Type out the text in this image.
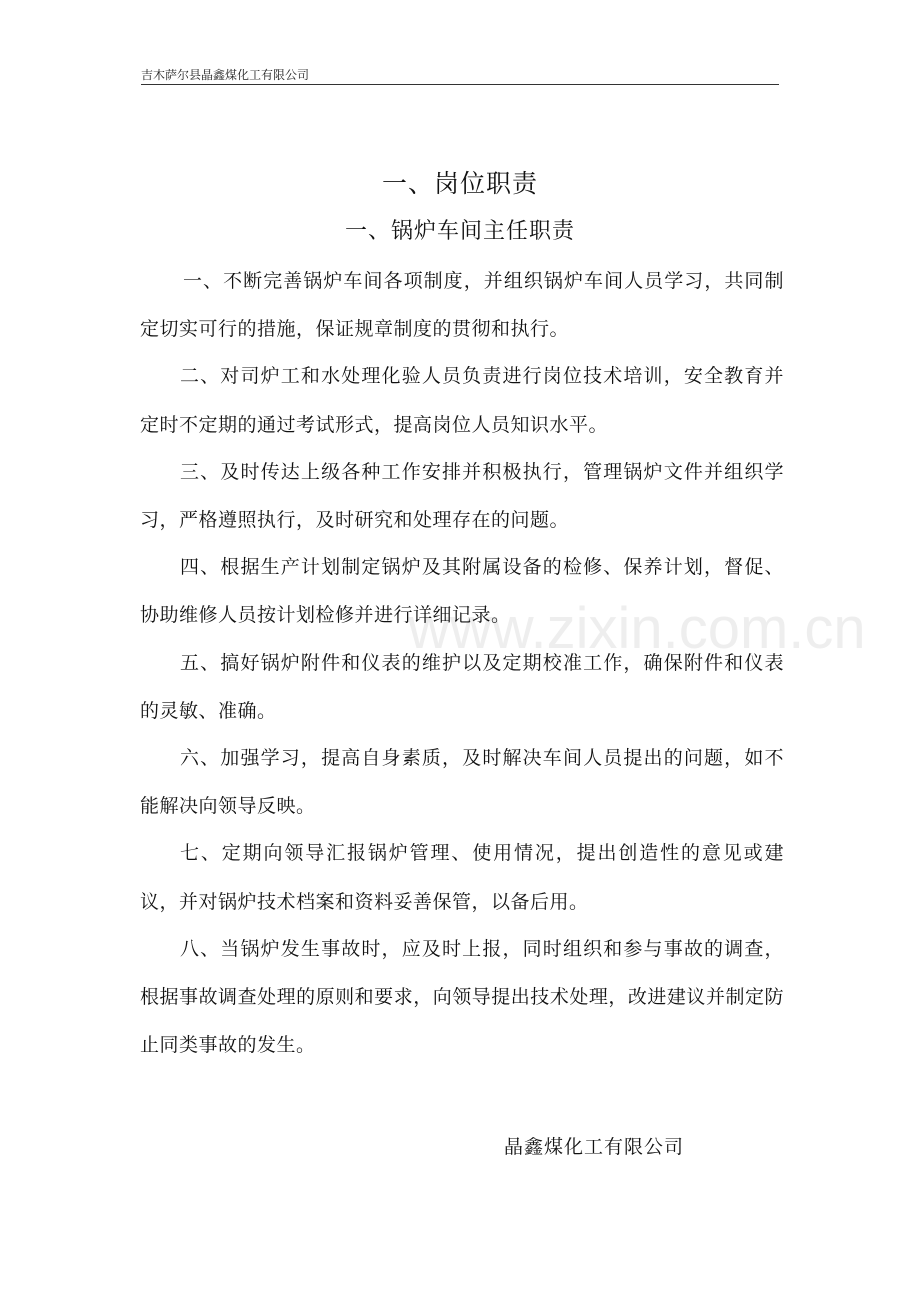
吉木萨尔县晶鑫煤化工有限公司
www.zixin.com.cn
一、岗位职责
一、锅炉车间主任职责

一、不断完善锅炉车间各项制度，并组织锅炉车间人员学习，共同制定切实可行的措施，保证规章制度的贯彻和执行。

二、对司炉工和水处理化验人员负责进行岗位技术培训，安全教育并定时不定期的通过考试形式，提高岗位人员知识水平。

三、及时传达上级各种工作安排并积极执行，管理锅炉文件并组织学习，严格遵照执行，及时研究和处理存在的问题。

四、根据生产计划制定锅炉及其附属设备的检修、保养计划，督促、协助维修人员按计划检修并进行详细记录。

五、搞好锅炉附件和仪表的维护以及定期校准工作，确保附件和仪表的灵敏、准确。

六、加强学习，提高自身素质，及时解决车间人员提出的问题，如不能解决向领导反映。

七、定期向领导汇报锅炉管理、使用情况，提出创造性的意见或建议，并对锅炉技术档案和资料妥善保管，以备后用。

八、当锅炉发生事故时，应及时上报，同时组织和参与事故的调查，根据事故调查处理的原则和要求，向领导提出技术处理，改进建议并制定防止同类事故的发生。

晶鑫煤化工有限公司
